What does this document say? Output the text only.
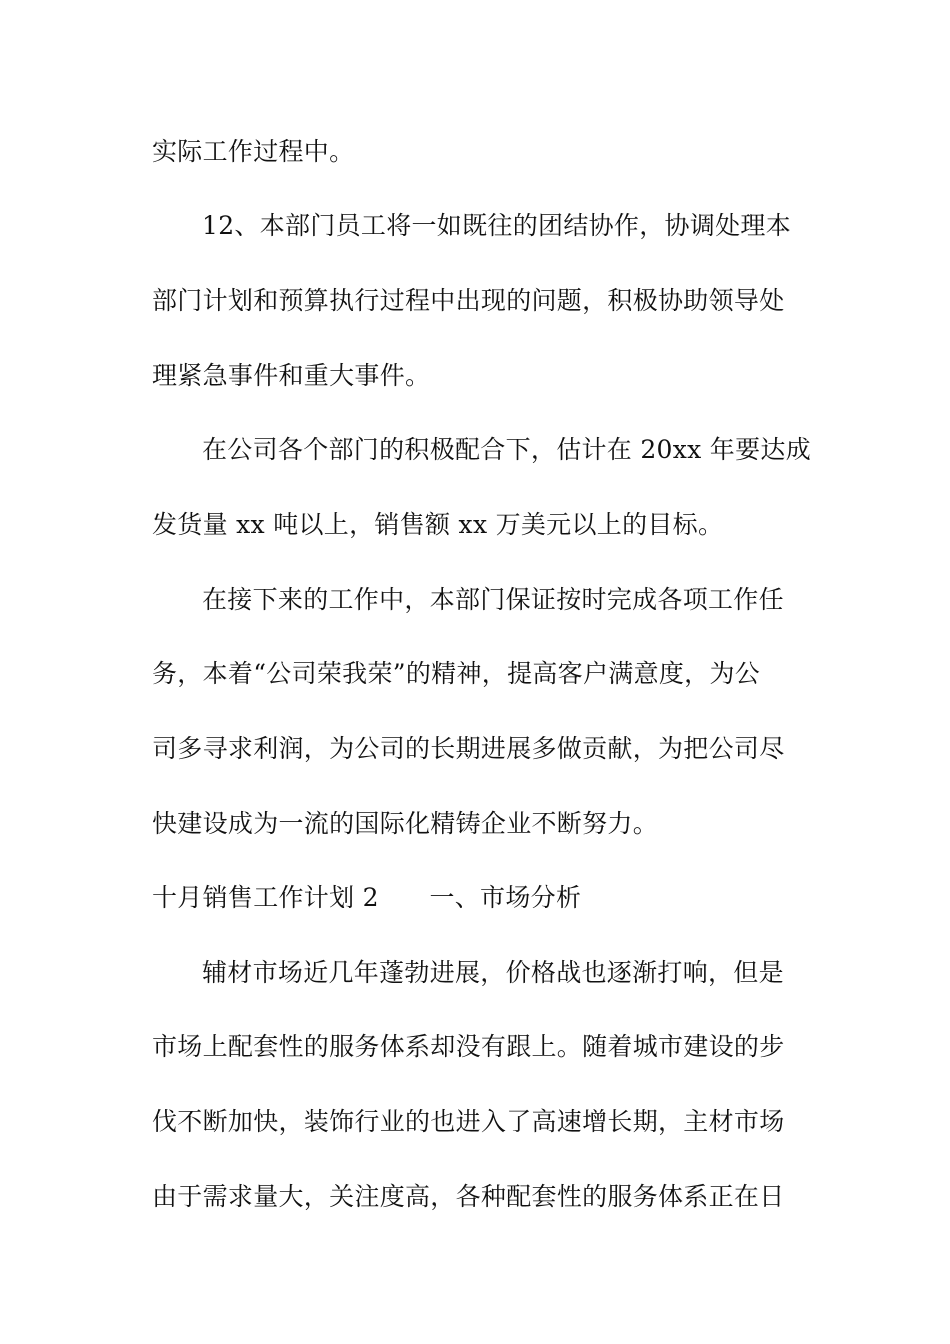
实际工作过程中。
12、本部门员工将一如既往的团结协作，协调处理本
部门计划和预算执行过程中出现的问题，积极协助领导处
理紧急事件和重大事件。
在公司各个部门的积极配合下，估计在 20xx 年要达成
发货量 xx 吨以上，销售额 xx 万美元以上的目标。
在接下来的工作中，本部门保证按时完成各项工作任
务，本着“公司荣我荣”的精神，提高客户满意度，为公
司多寻求利润，为公司的长期进展多做贡献，为把公司尽
快建设成为一流的国际化精铸企业不断努力。
十月销售工作计划 2　　一、市场分析
辅材市场近几年蓬勃进展，价格战也逐渐打响，但是
市场上配套性的服务体系却没有跟上。随着城市建设的步
伐不断加快，装饰行业的也进入了高速增长期，主材市场
由于需求量大，关注度高，各种配套性的服务体系正在日
